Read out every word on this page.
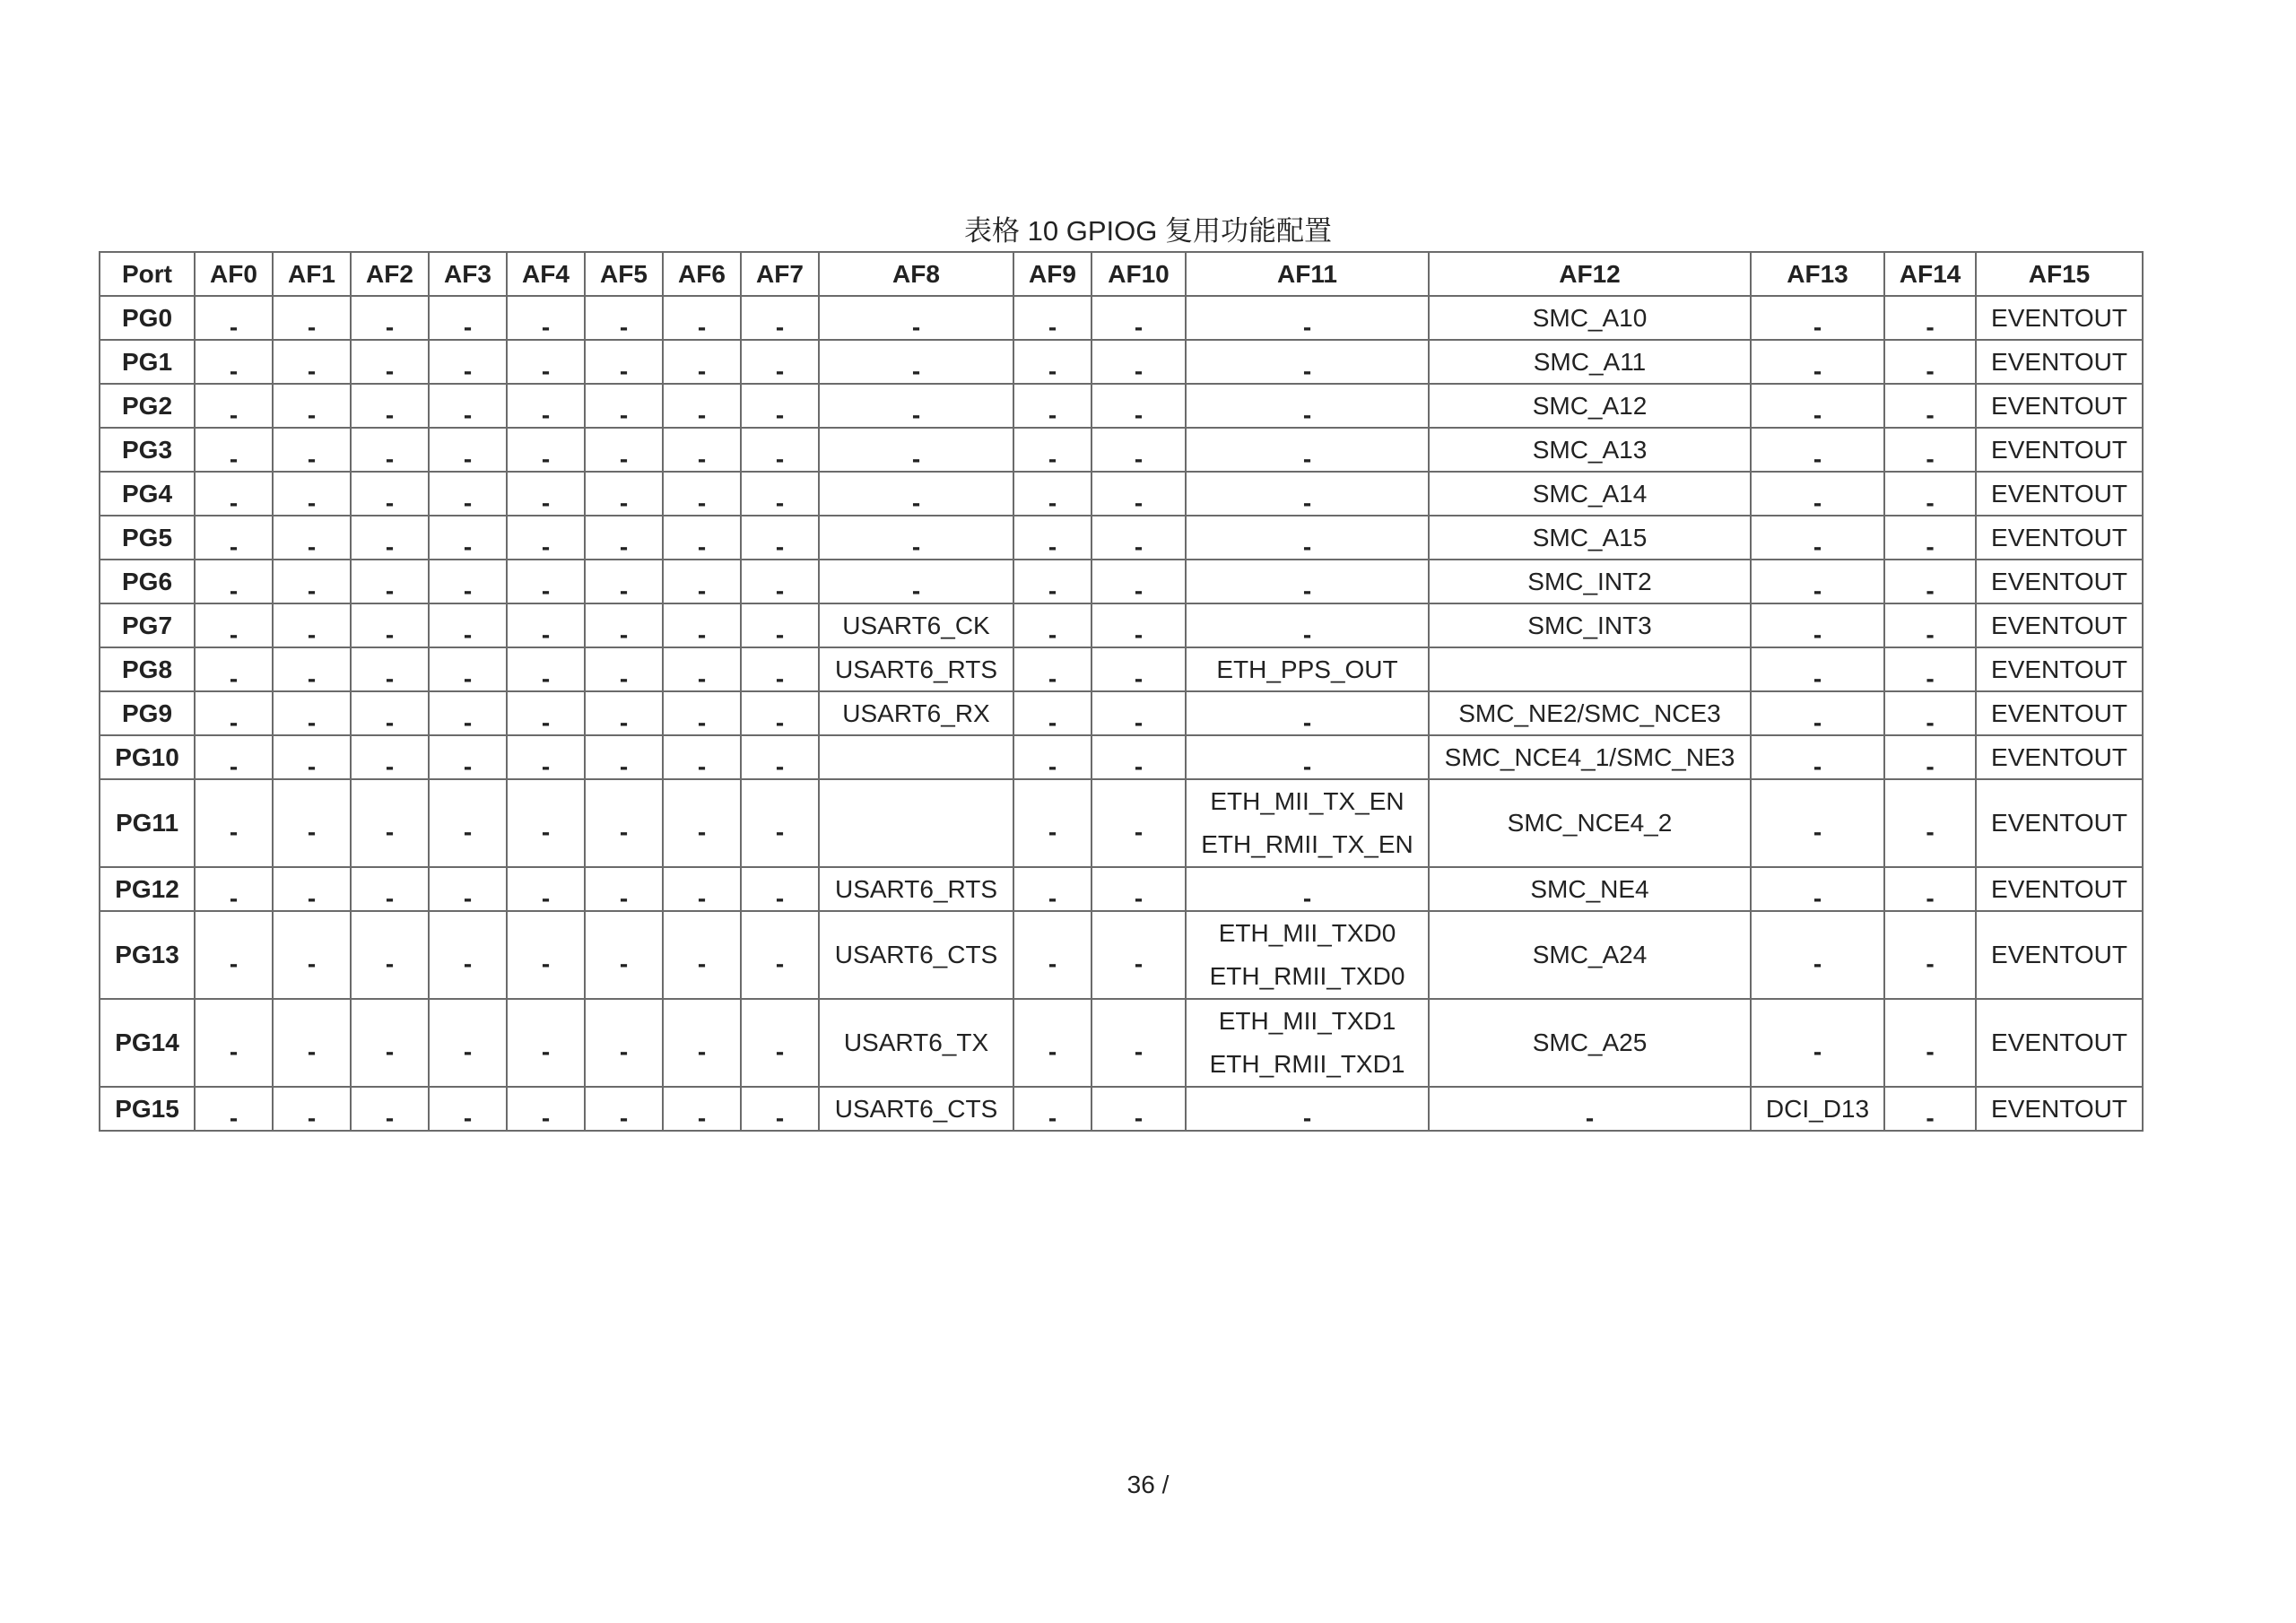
表格 10 GPIOG 复用功能配置
Port	AF0	AF1	AF2	AF3	AF4	AF5	AF6	AF7	AF8	AF9	AF10	AF11	AF12	AF13	AF14	AF15
PG0	-	-	-	-	-	-	-	-	-	-	-	-	SMC_A10	-	-	EVENTOUT
PG1	-	-	-	-	-	-	-	-	-	-	-	-	SMC_A11	-	-	EVENTOUT
PG2	-	-	-	-	-	-	-	-	-	-	-	-	SMC_A12	-	-	EVENTOUT
PG3	-	-	-	-	-	-	-	-	-	-	-	-	SMC_A13	-	-	EVENTOUT
PG4	-	-	-	-	-	-	-	-	-	-	-	-	SMC_A14	-	-	EVENTOUT
PG5	-	-	-	-	-	-	-	-	-	-	-	-	SMC_A15	-	-	EVENTOUT
PG6	-	-	-	-	-	-	-	-	-	-	-	-	SMC_INT2	-	-	EVENTOUT
PG7	-	-	-	-	-	-	-	-	USART6_CK	-	-	-	SMC_INT3	-	-	EVENTOUT
PG8	-	-	-	-	-	-	-	-	USART6_RTS	-	-	ETH_PPS_OUT		-	-	EVENTOUT
PG9	-	-	-	-	-	-	-	-	USART6_RX	-	-	-	SMC_NE2/SMC_NCE3	-	-	EVENTOUT
PG10	-	-	-	-	-	-	-	-		-	-	-	SMC_NCE4_1/SMC_NE3	-	-	EVENTOUT
PG11	-	-	-	-	-	-	-	-		-	-	ETH_MII_TX_EN
ETH_RMII_TX_EN	SMC_NCE4_2	-	-	EVENTOUT
PG12	-	-	-	-	-	-	-	-	USART6_RTS	-	-	-	SMC_NE4	-	-	EVENTOUT
PG13	-	-	-	-	-	-	-	-	USART6_CTS	-	-	ETH_MII_TXD0
ETH_RMII_TXD0	SMC_A24	-	-	EVENTOUT
PG14	-	-	-	-	-	-	-	-	USART6_TX	-	-	ETH_MII_TXD1
ETH_RMII_TXD1	SMC_A25	-	-	EVENTOUT
PG15	-	-	-	-	-	-	-	-	USART6_CTS	-	-	-	-	DCI_D13	-	EVENTOUT
36 /
